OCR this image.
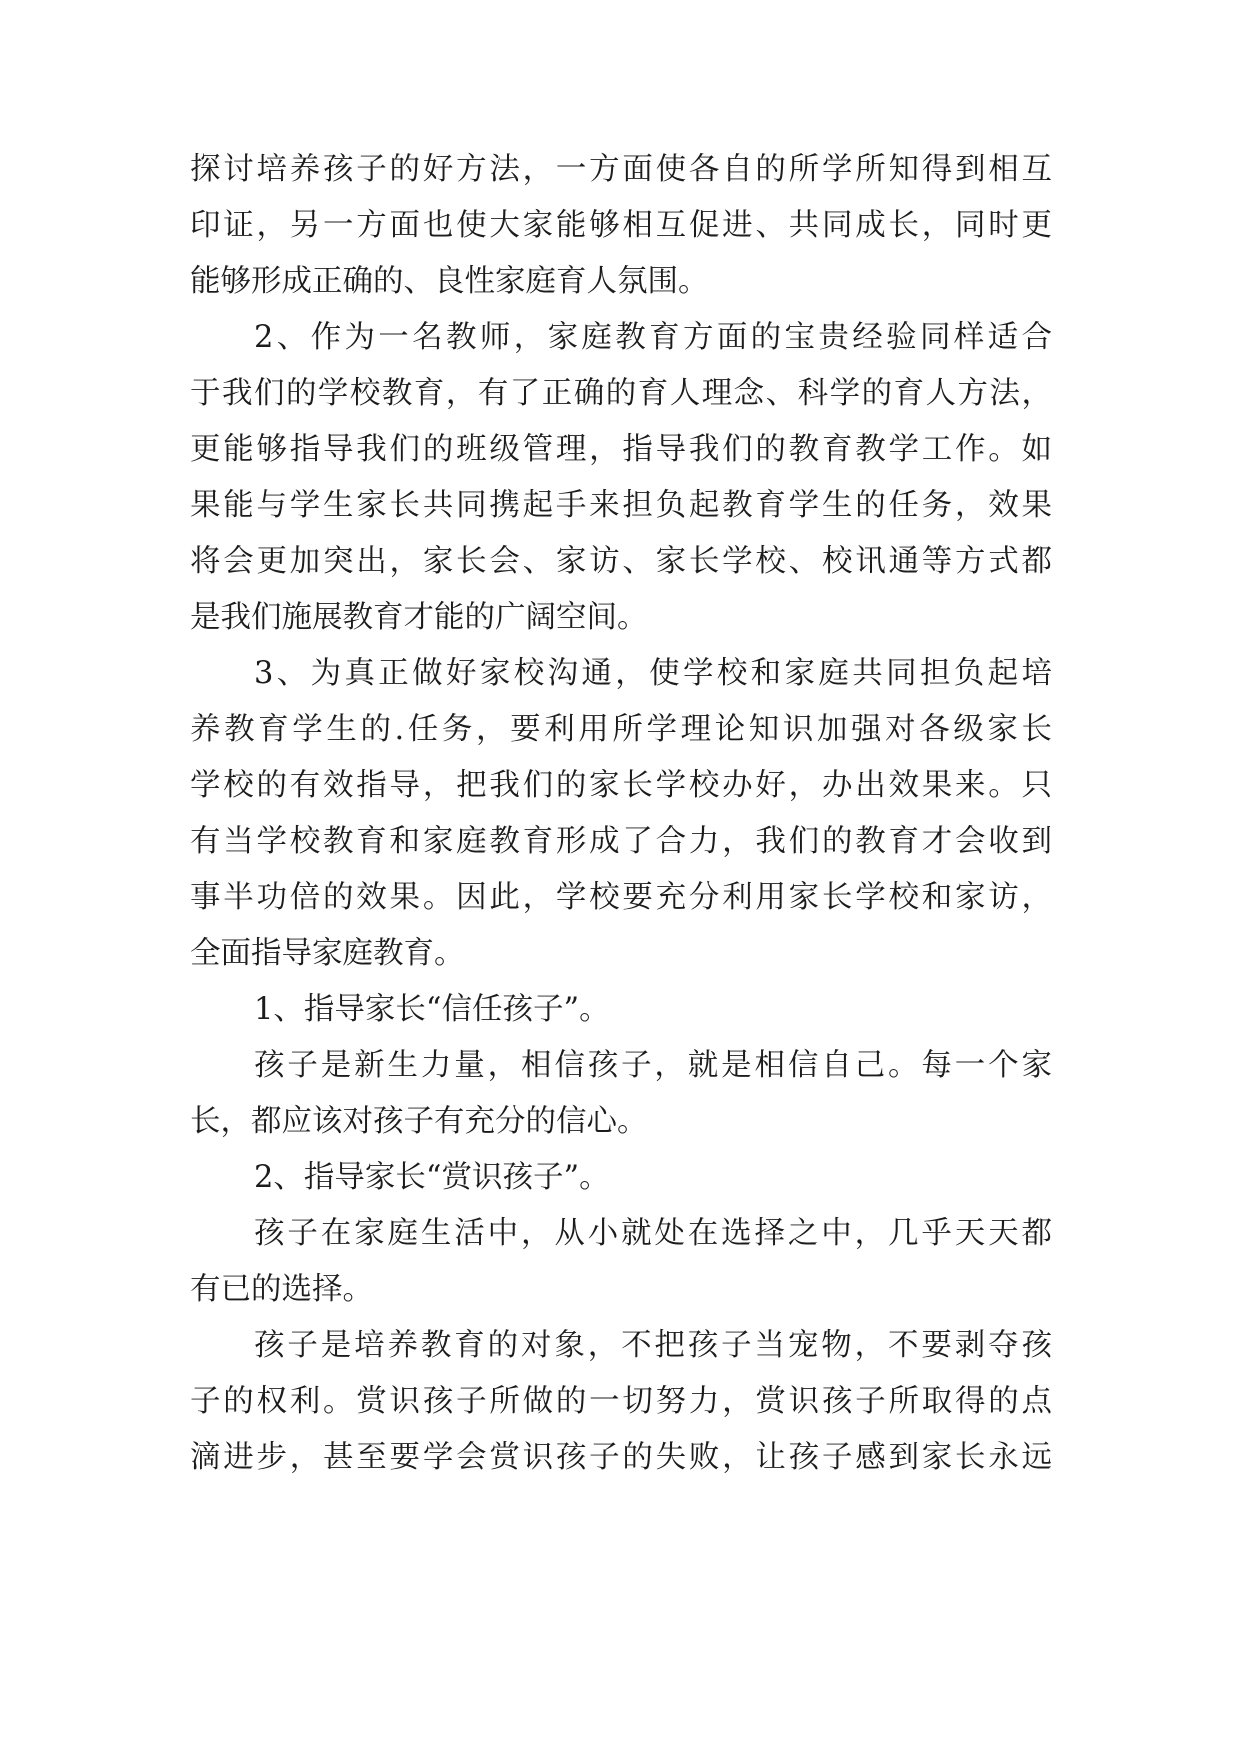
探讨培养孩子的好方法，一方面使各自的所学所知得到相互

印证，另一方面也使大家能够相互促进、共同成长，同时更

能够形成正确的、良性家庭育人氛围。

2、作为一名教师，家庭教育方面的宝贵经验同样适合

于我们的学校教育，有了正确的育人理念、科学的育人方法，

更能够指导我们的班级管理，指导我们的教育教学工作。如

果能与学生家长共同携起手来担负起教育学生的任务，效果

将会更加突出，家长会、家访、家长学校、校讯通等方式都

是我们施展教育才能的广阔空间。

3、为真正做好家校沟通，使学校和家庭共同担负起培

养教育学生的.任务，要利用所学理论知识加强对各级家长

学校的有效指导，把我们的家长学校办好，办出效果来。只

有当学校教育和家庭教育形成了合力，我们的教育才会收到

事半功倍的效果。因此，学校要充分利用家长学校和家访，

全面指导家庭教育。

1、指导家长“信任孩子”。

孩子是新生力量，相信孩子，就是相信自己。每一个家

长，都应该对孩子有充分的信心。

2、指导家长“赏识孩子”。

孩子在家庭生活中，从小就处在选择之中，几乎天天都

有已的选择。

孩子是培养教育的对象，不把孩子当宠物，不要剥夺孩

子的权利。赏识孩子所做的一切努力，赏识孩子所取得的点

滴进步，甚至要学会赏识孩子的失败，让孩子感到家长永远
